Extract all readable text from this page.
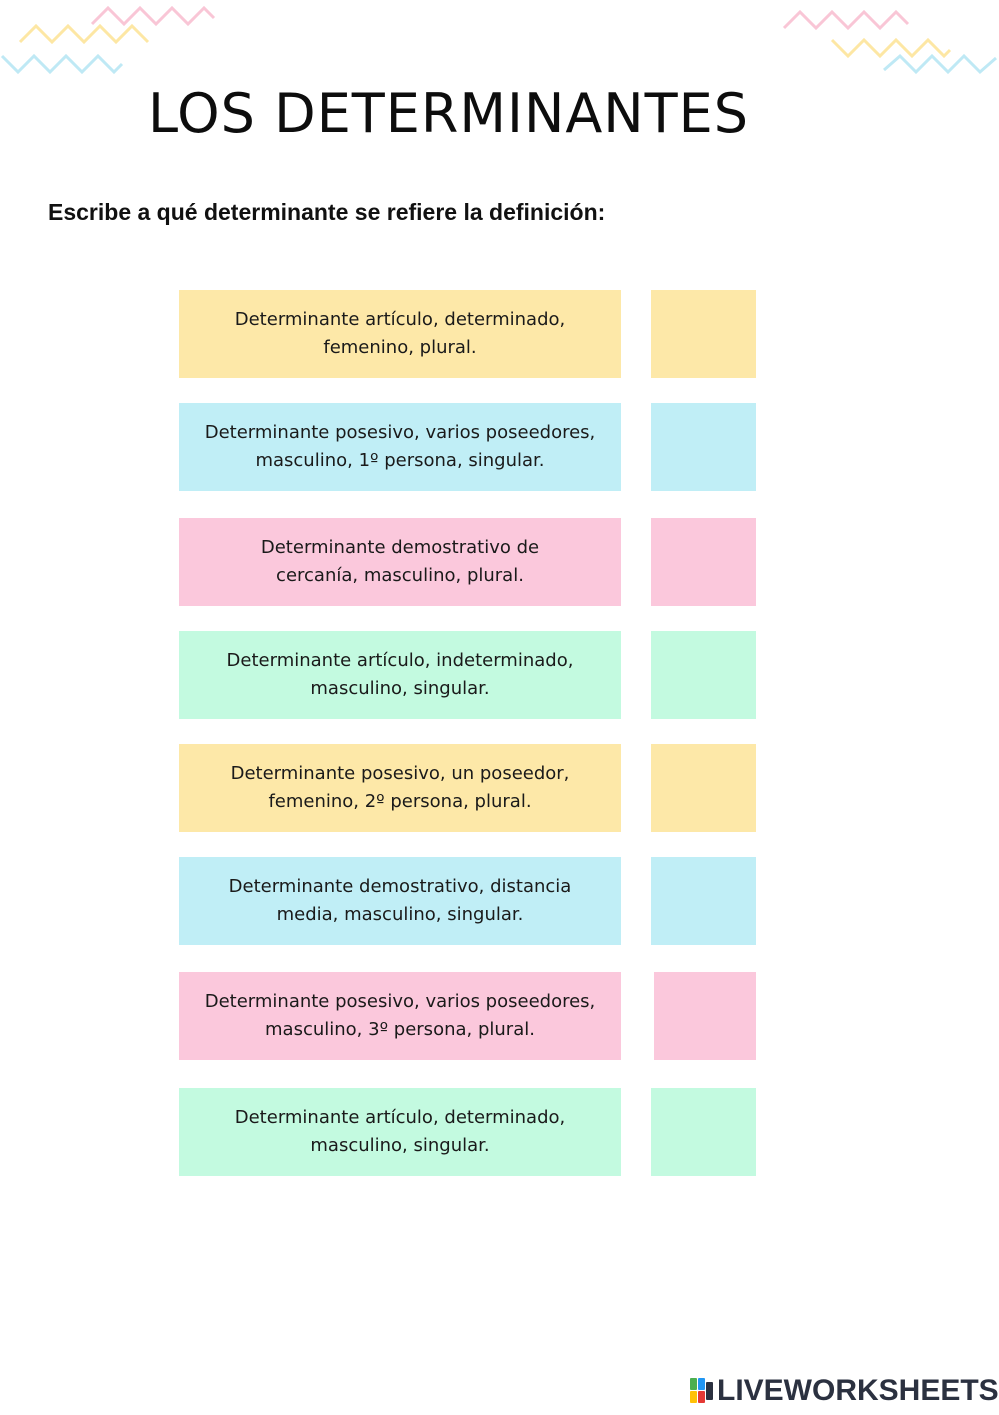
LOS DETERMINANTES

Escribe a qué determinante se refiere la definición:

Determinante artículo, determinado,
femenino, plural.
Determinante posesivo, varios poseedores,
masculino, 1º persona, singular.
Determinante demostrativo de
cercanía, masculino, plural.
Determinante artículo, indeterminado,
masculino, singular.
Determinante posesivo, un poseedor,
femenino, 2º persona, plural.
Determinante demostrativo, distancia
media, masculino, singular.
Determinante posesivo, varios poseedores,
masculino, 3º persona, plural.
Determinante artículo, determinado,
masculino, singular.
LIVEWORKSHEETS
